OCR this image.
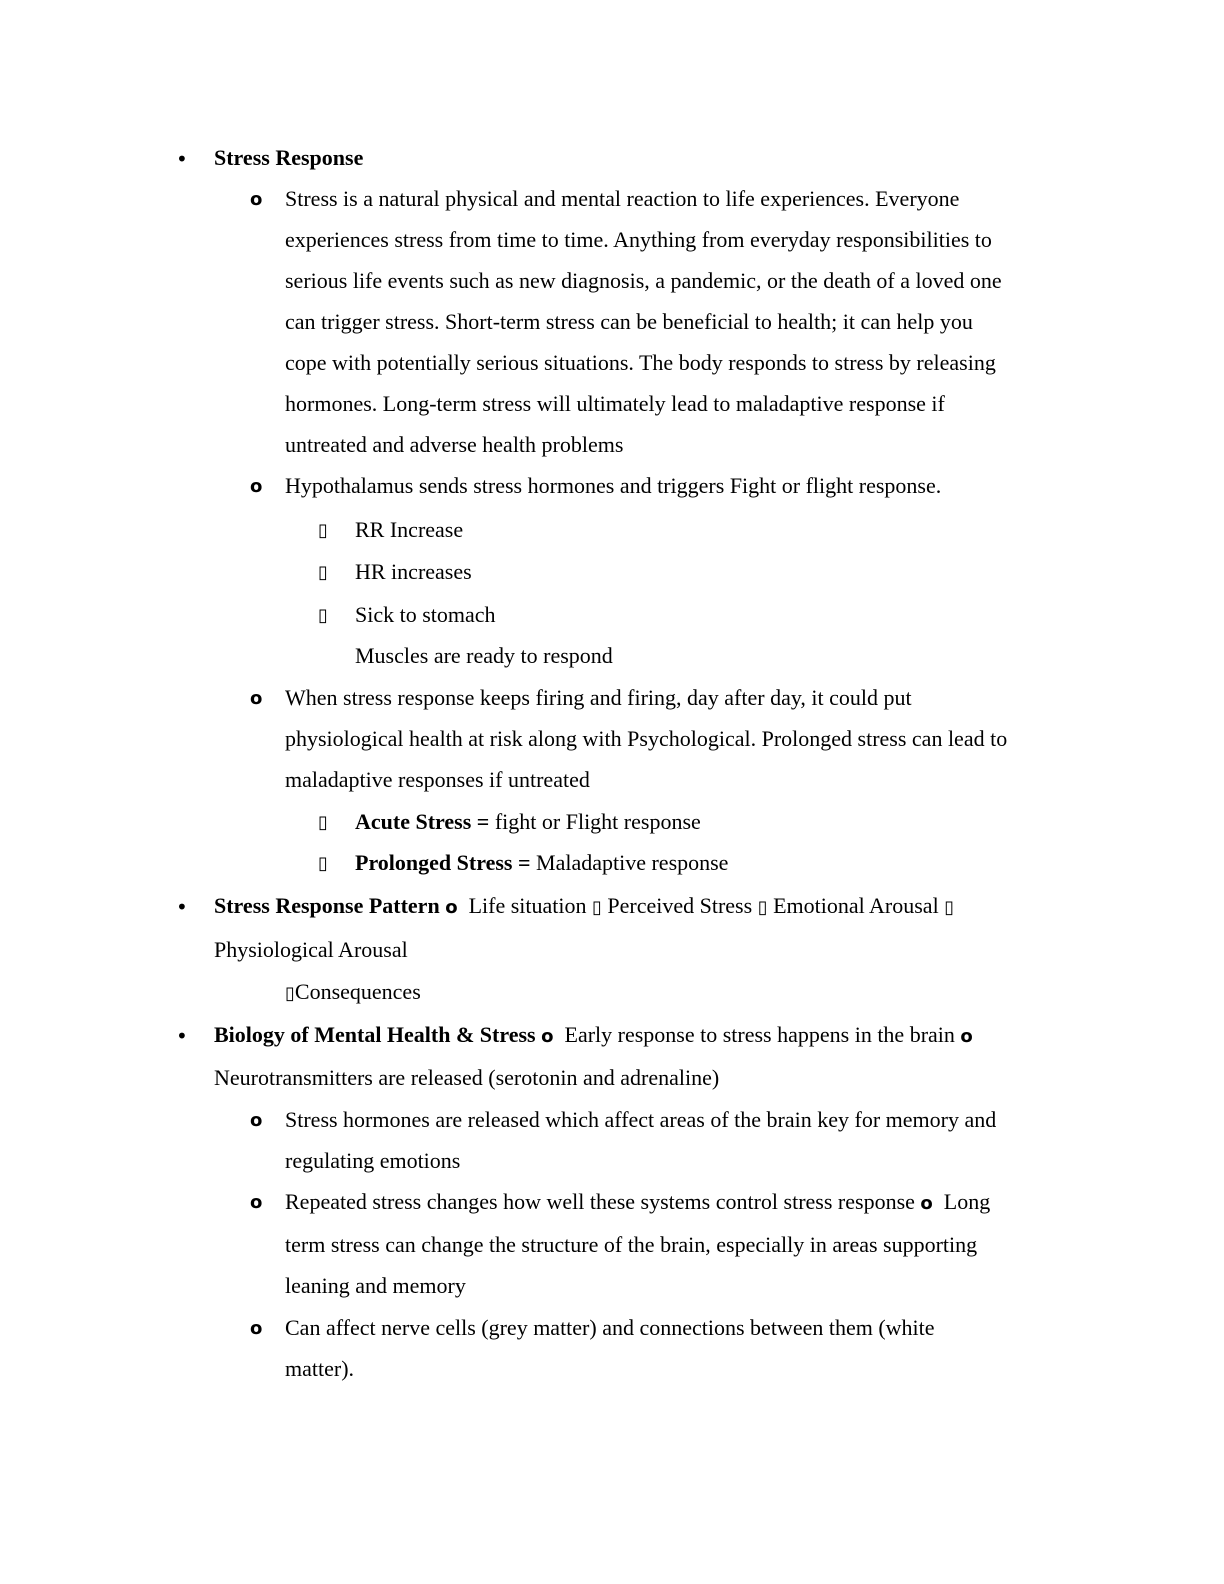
• Stress Response
o Stress is a natural physical and mental reaction to life experiences. Everyone
experiences stress from time to time. Anything from everyday responsibilities to
serious life events such as new diagnosis, a pandemic, or the death of a loved one
can trigger stress. Short-term stress can be beneficial to health; it can help you
cope with potentially serious situations. The body responds to stress by releasing
hormones. Long-term stress will ultimately lead to maladaptive response if
untreated and adverse health problems
o Hypothalamus sends stress hormones and triggers Fight or flight response.
▯ RR Increase
▯ HR increases
▯ Sick to stomach
Muscles are ready to respond
o When stress response keeps firing and firing, day after day, it could put
physiological health at risk along with Psychological. Prolonged stress can lead to
maladaptive responses if untreated
▯ Acute Stress = fight or Flight response
▯ Prolonged Stress = Maladaptive response
• Stress Response Pattern o Life situation ▯ Perceived Stress ▯ Emotional Arousal ▯
Physiological Arousal
▯Consequences
• Biology of Mental Health & Stress o Early response to stress happens in the brain o
Neurotransmitters are released (serotonin and adrenaline)
o Stress hormones are released which affect areas of the brain key for memory and
regulating emotions
o Repeated stress changes how well these systems control stress response o Long
term stress can change the structure of the brain, especially in areas supporting
leaning and memory
o Can affect nerve cells (grey matter) and connections between them (white
matter).
